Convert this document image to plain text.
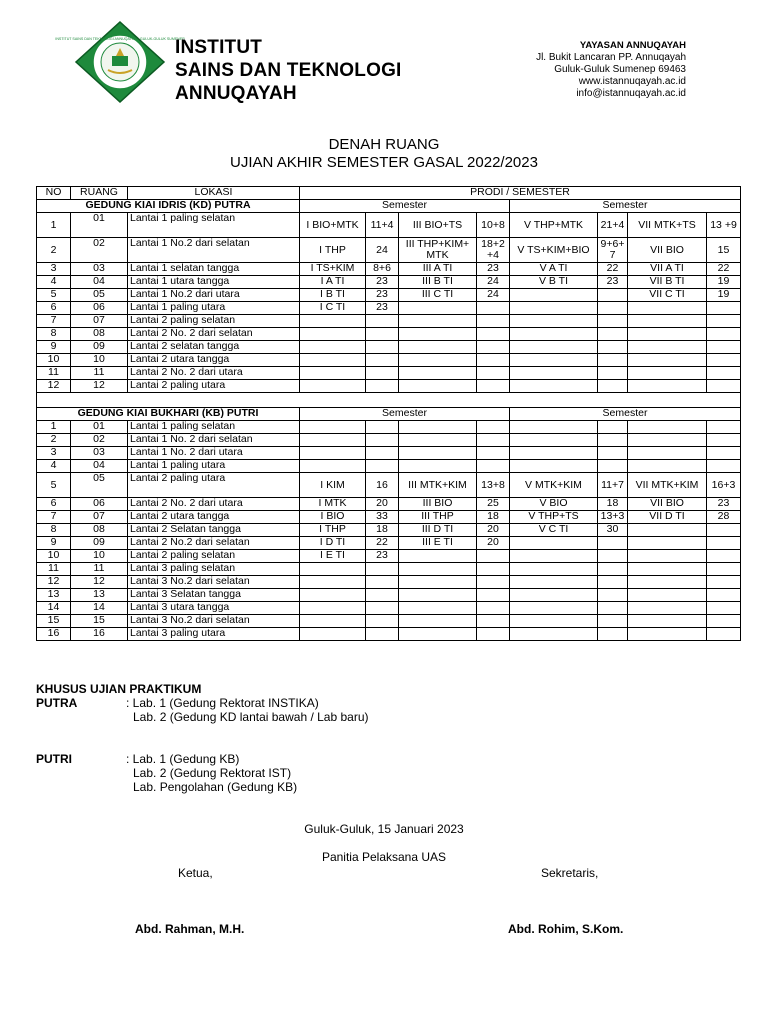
INSTITUT SAINS DAN TEKNOLOGI ANNUQAYAH · GULUK-GULUK SUMENEP
INSTITUT
SAINS DAN TEKNOLOGI
ANNUQAYAH
YAYASAN ANNUQAYAH
Jl. Bukit Lancaran PP. Annuqayah
Guluk-Guluk Sumenep 69463
www.istannuqayah.ac.id
info@istannuqayah.ac.id
DENAH RUANG
UJIAN AKHIR SEMESTER GASAL 2022/2023
NO	RUANG	LOKASI	PRODI / SEMESTER							
GEDUNG KIAI IDRIS (KD) PUTRA			Semester				Semester			
1	01	Lantai 1 paling selatan	I BIO+MTK	11+4	III BIO+TS	10+8	V THP+MTK	21+4	VII MTK+TS	13 +9
2	02	Lantai 1 No.2 dari selatan	I THP	24	III THP+KIM+ MTK	18+2 +4	V TS+KIM+BIO	9+6+ 7	VII BIO	15
3	03	Lantai 1 selatan tangga	I TS+KIM	8+6	III A TI	23	V A TI	22	VII A TI	22
4	04	Lantai 1 utara tangga	I A TI	23	III B TI	24	V B TI	23	VII B TI	19
5	05	Lantai 1 No.2 dari utara	I B TI	23	III C TI	24			VII C TI	19
6	06	Lantai 1 paling utara	I C TI	23						
7	07	Lantai 2 paling selatan								
8	08	Lantai 2 No. 2 dari selatan								
9	09	Lantai 2 selatan tangga								
10	10	Lantai 2 utara tangga								
11	11	Lantai 2 No. 2 dari utara								
12	12	Lantai 2 paling utara								

GEDUNG KIAI BUKHARI (KB) PUTRI			Semester				Semester			
1	01	Lantai 1 paling selatan								
2	02	Lantai 1 No. 2 dari selatan								
3	03	Lantai 1 No. 2 dari utara								
4	04	Lantai 1 paling utara								
5	05	Lantai 2 paling utara	I KIM	16	III MTK+KIM	13+8	V MTK+KIM	11+7	VII MTK+KIM	16+3
6	06	Lantai 2 No. 2 dari utara	I MTK	20	III BIO	25	V BIO	18	VII BIO	23
7	07	Lantai 2 utara tangga	I BIO	33	III THP	18	V THP+TS	13+3	VII D TI	28
8	08	Lantai 2 Selatan tangga	I THP	18	III D TI	20	V C TI	30		
9	09	Lantai 2 No.2 dari selatan	I D TI	22	III E TI	20				
10	10	Lantai 2 paling selatan	I E TI	23						
11	11	Lantai 3 paling selatan								
12	12	Lantai 3 No.2 dari selatan								
13	13	Lantai 3 Selatan tangga								
14	14	Lantai 3 utara tangga								
15	15	Lantai 3 No.2 dari selatan								
16	16	Lantai 3 paling utara								
KHUSUS UJIAN PRAKTIKUM
PUTRA	: Lab. 1 (Gedung Rektorat INSTIKA)
Lab. 2 (Gedung KD lantai bawah / Lab baru)
PUTRI	: Lab. 1 (Gedung KB)
Lab. 2 (Gedung Rektorat IST)
Lab. Pengolahan (Gedung KB)
Guluk-Guluk, 15 Januari 2023
Panitia Pelaksana UAS
Ketua,	Sekretaris,
Abd. Rahman, M.H.	Abd. Rohim, S.Kom.
